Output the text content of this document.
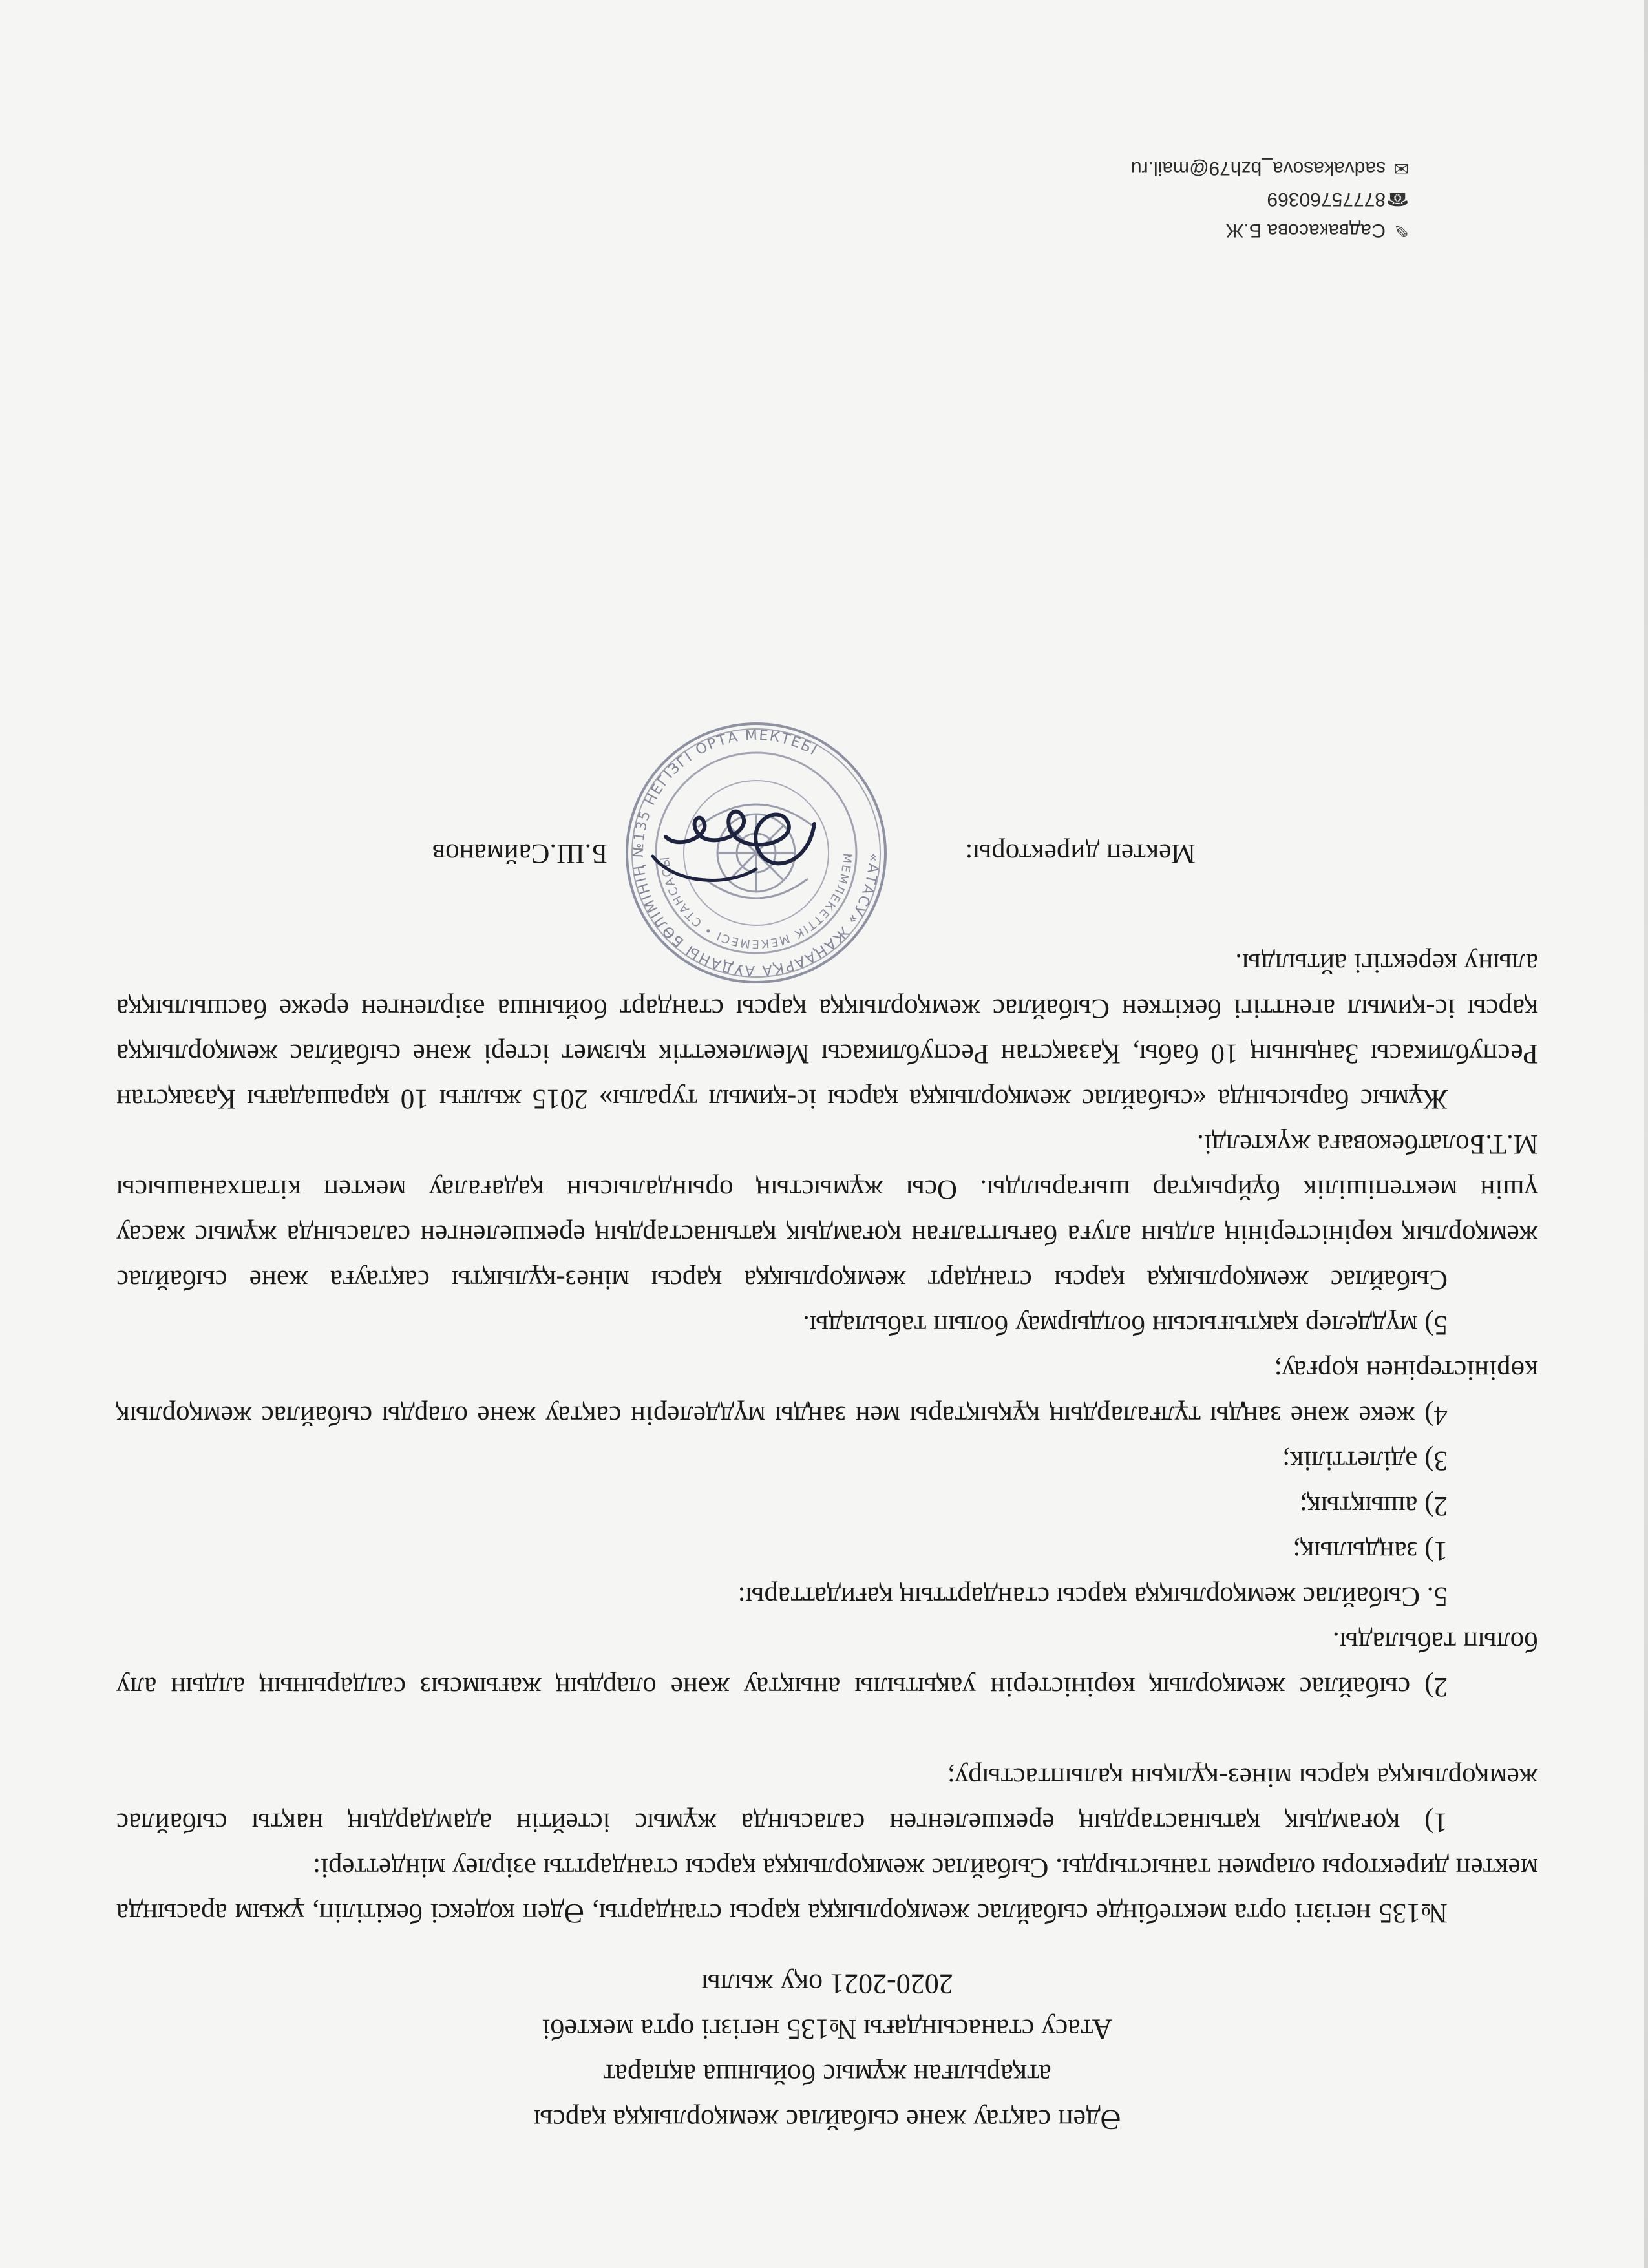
Әдеп сақтау және сыбайлас жемқорлыққа қарсы

атқарылған жұмыс бойынша ақпарат

Атасу станасындағы №135 негізгі орта мектебі

2020-2021 оқу жылы

№135 негізгі орта мектебінде сыбайлас жемқорлыққа қарсы стандарты, Әдеп кодексі бекітіліп, ұжым арасында мектеп директоры олармен таныстырды. Сыбайлас жемқорлыққа қарсы стандартты әзірлеу міндеттері:

1) қоғамдық қатынастардың ерекшеленген саласында жұмыс істейтін адамдардың нақты сыбайлас жемқорлыққа қарсы мінез-құлқын қалыптастыру;

2) сыбайлас жемқорлық көріністерін уақытылы анықтау және олардың жағымсыз салдарының алдын алу болып табылады.

5. Сыбайлас жемқорлыққа қарсы стандарттың қағидаттары:

1) заңдылық;

2) ашықтық;

3) әділеттілік;

4) жеке және заңды тұлғалардың құқықтары мен заңды мүдделерін сақтау және оларды сыбайлас жемқорлық көріністерінен қорғау;

5) мүдделер қақтығысын болдырмау болып табылады.

Сыбайлас жемқорлыққа қарсы стандарт жемқорлыққа қарсы мінез-құлықты сақтауға және сыбайлас жемқорлық көріністерінің алдын алуға бағытталған қоғамдық қатынастардың ерекшеленген саласында жұмыс жасау үшін мектепішілік бұйрықтар шығарылды. Осы жұмыстың орындалысын қадағалау мектеп кітапханашысы М.Т.Болатбековаға жүктелді.

Жұмыс барысында «сыбайлас жемқорлыққа қарсы іс-қимыл туралы» 2015 жылғы 10 қарашадағы Қазақстан Республикасы Заңының 10 бабы, Қазақстан Республикасы Мемлекеттік қызмет істері және сыбайлас жемқорлыққа қарсы іс-қимыл агенттігі бекіткен Сыбайлас жемқорлыққа қарсы стандарт бойынша әзірленген ереже басшылыққа алыну керектігі айтылды.

Мектеп директоры:
«АТАСУ» ЖАҢААРҚА АУДАНЫ БӨЛІМІНІҢ №135 НЕГІЗГІ ОРТА МЕКТЕБІ
МЕМЛЕКЕТТІК МЕКЕМЕСІ • СТАНСАСЫ
Б.Ш.Сайманов
✎
Садвакасова Б.Ж
☎
87775760369
✉
sadvakasova_bzh79@mail.ru
